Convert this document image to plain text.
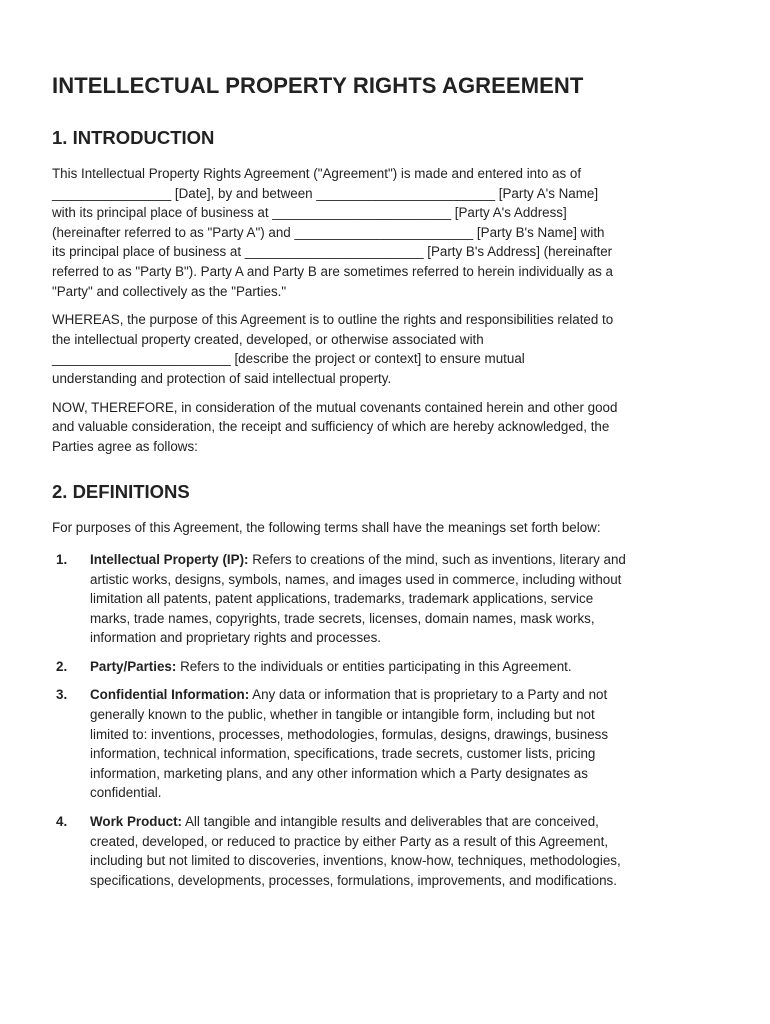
INTELLECTUAL PROPERTY RIGHTS AGREEMENT
1. INTRODUCTION

This Intellectual Property Rights Agreement ("Agreement") is made and entered into as of
________________ [Date], by and between ________________________ [Party A's Name]
with its principal place of business at ________________________ [Party A's Address]
(hereinafter referred to as "Party A") and ________________________ [Party B's Name] with
its principal place of business at ________________________ [Party B's Address] (hereinafter
referred to as "Party B"). Party A and Party B are sometimes referred to herein individually as a
"Party" and collectively as the "Parties."

WHEREAS, the purpose of this Agreement is to outline the rights and responsibilities related to
the intellectual property created, developed, or otherwise associated with
________________________ [describe the project or context] to ensure mutual
understanding and protection of said intellectual property.

NOW, THEREFORE, in consideration of the mutual covenants contained herein and other good
and valuable consideration, the receipt and sufficiency of which are hereby acknowledged, the
Parties agree as follows:

2. DEFINITIONS

For purposes of this Agreement, the following terms shall have the meanings set forth below:

1. Intellectual Property (IP): Refers to creations of the mind, such as inventions, literary and
artistic works, designs, symbols, names, and images used in commerce, including without
limitation all patents, patent applications, trademarks, trademark applications, service
marks, trade names, copyrights, trade secrets, licenses, domain names, mask works,
information and proprietary rights and processes.
2. Party/Parties: Refers to the individuals or entities participating in this Agreement.
3. Confidential Information: Any data or information that is proprietary to a Party and not
generally known to the public, whether in tangible or intangible form, including but not
limited to: inventions, processes, methodologies, formulas, designs, drawings, business
information, technical information, specifications, trade secrets, customer lists, pricing
information, marketing plans, and any other information which a Party designates as
confidential.
4. Work Product: All tangible and intangible results and deliverables that are conceived,
created, developed, or reduced to practice by either Party as a result of this Agreement,
including but not limited to discoveries, inventions, know-how, techniques, methodologies,
specifications, developments, processes, formulations, improvements, and modifications.
